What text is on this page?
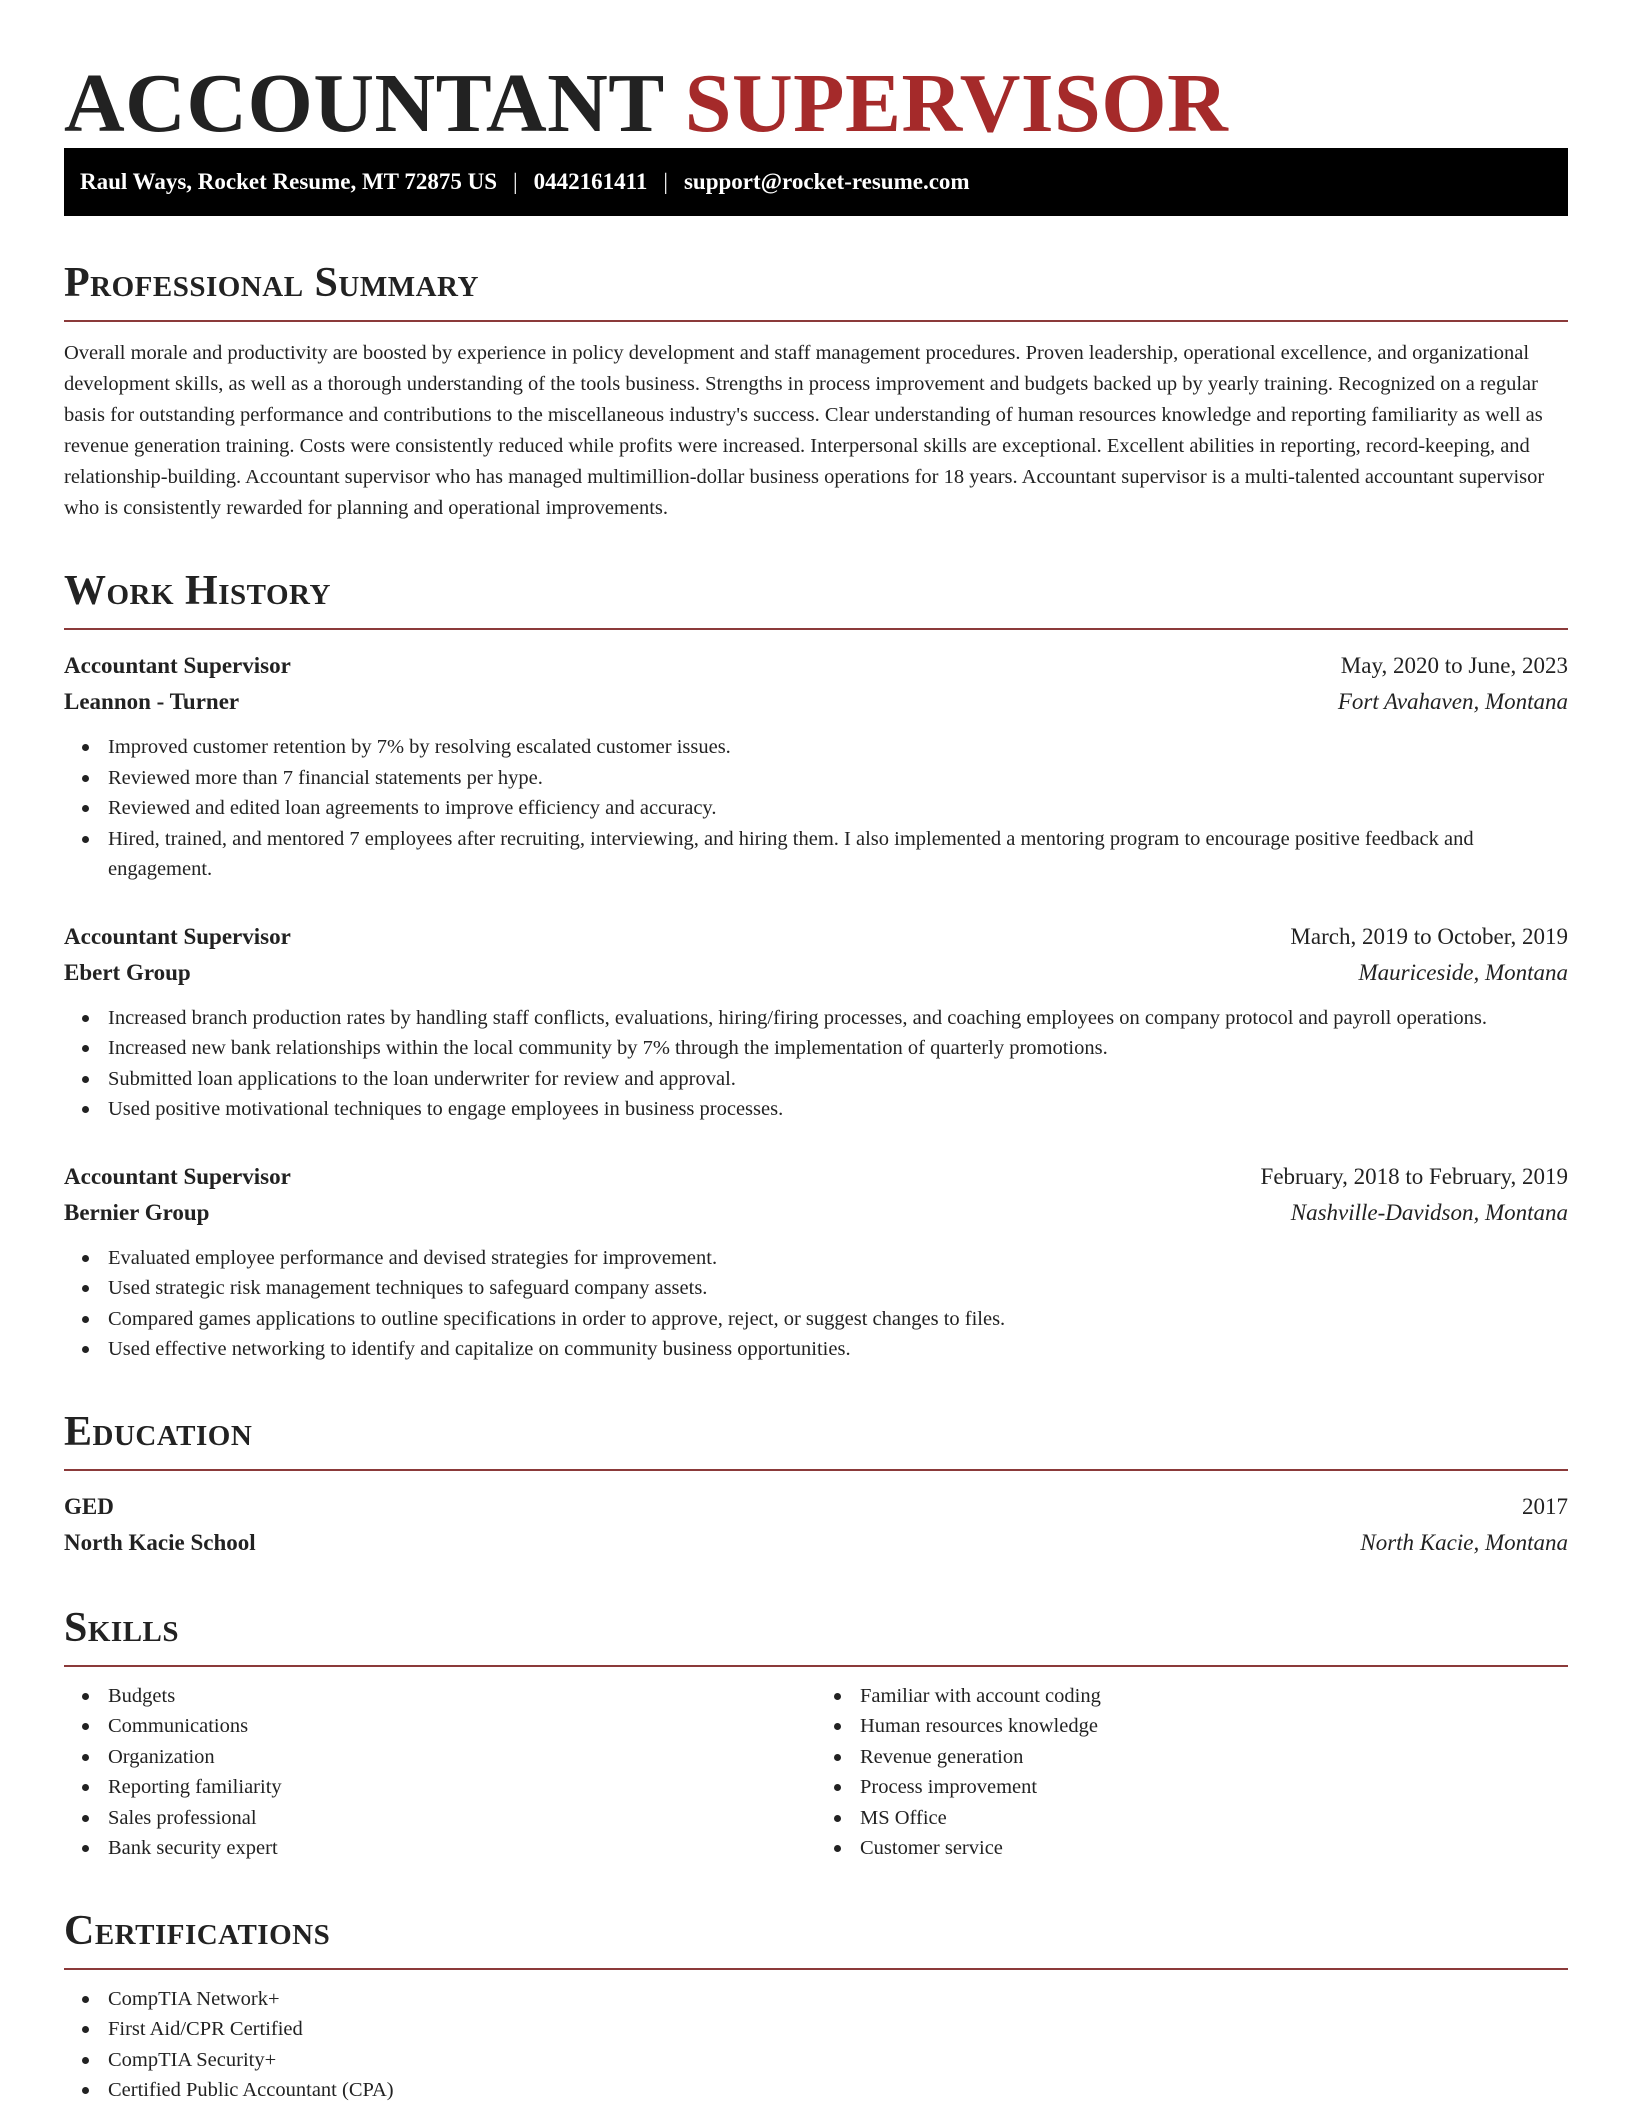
ACCOUNTANT SUPERVISOR
Raul Ways, Rocket Resume, MT 72875 US | 0442161411 | support@rocket-resume.com
Professional Summary

Overall morale and productivity are boosted by experience in policy development and staff management procedures. Proven leadership, operational excellence, and organizational development skills, as well as a thorough understanding of the tools business. Strengths in process improvement and budgets backed up by yearly training. Recognized on a regular basis for outstanding performance and contributions to the miscellaneous industry's success. Clear understanding of human resources knowledge and reporting familiarity as well as revenue generation training. Costs were consistently reduced while profits were increased. Interpersonal skills are exceptional. Excellent abilities in reporting, record-keeping, and relationship-building. Accountant supervisor who has managed multimillion-dollar business operations for 18 years. Accountant supervisor is a multi-talented accountant supervisor who is consistently rewarded for planning and operational improvements.

Work History
Accountant Supervisor	May, 2020 to June, 2023
Leannon - Turner	Fort Avahaven, Montana
Improved customer retention by 7% by resolving escalated customer issues.
Reviewed more than 7 financial statements per hype.
Reviewed and edited loan agreements to improve efficiency and accuracy.
Hired, trained, and mentored 7 employees after recruiting, interviewing, and hiring them. I also implemented a mentoring program to encourage positive feedback and engagement.
Accountant Supervisor	March, 2019 to October, 2019
Ebert Group	Mauriceside, Montana
Increased branch production rates by handling staff conflicts, evaluations, hiring/firing processes, and coaching employees on company protocol and payroll operations.
Increased new bank relationships within the local community by 7% through the implementation of quarterly promotions.
Submitted loan applications to the loan underwriter for review and approval.
Used positive motivational techniques to engage employees in business processes.
Accountant Supervisor	February, 2018 to February, 2019
Bernier Group	Nashville-Davidson, Montana
Evaluated employee performance and devised strategies for improvement.
Used strategic risk management techniques to safeguard company assets.
Compared games applications to outline specifications in order to approve, reject, or suggest changes to files.
Used effective networking to identify and capitalize on community business opportunities.
Education
GED	2017
North Kacie School	North Kacie, Montana
Skills
Budgets
Communications
Organization
Reporting familiarity
Sales professional
Bank security expert
Familiar with account coding
Human resources knowledge
Revenue generation
Process improvement
MS Office
Customer service
Certifications
CompTIA Network+
First Aid/CPR Certified
CompTIA Security+
Certified Public Accountant (CPA)
